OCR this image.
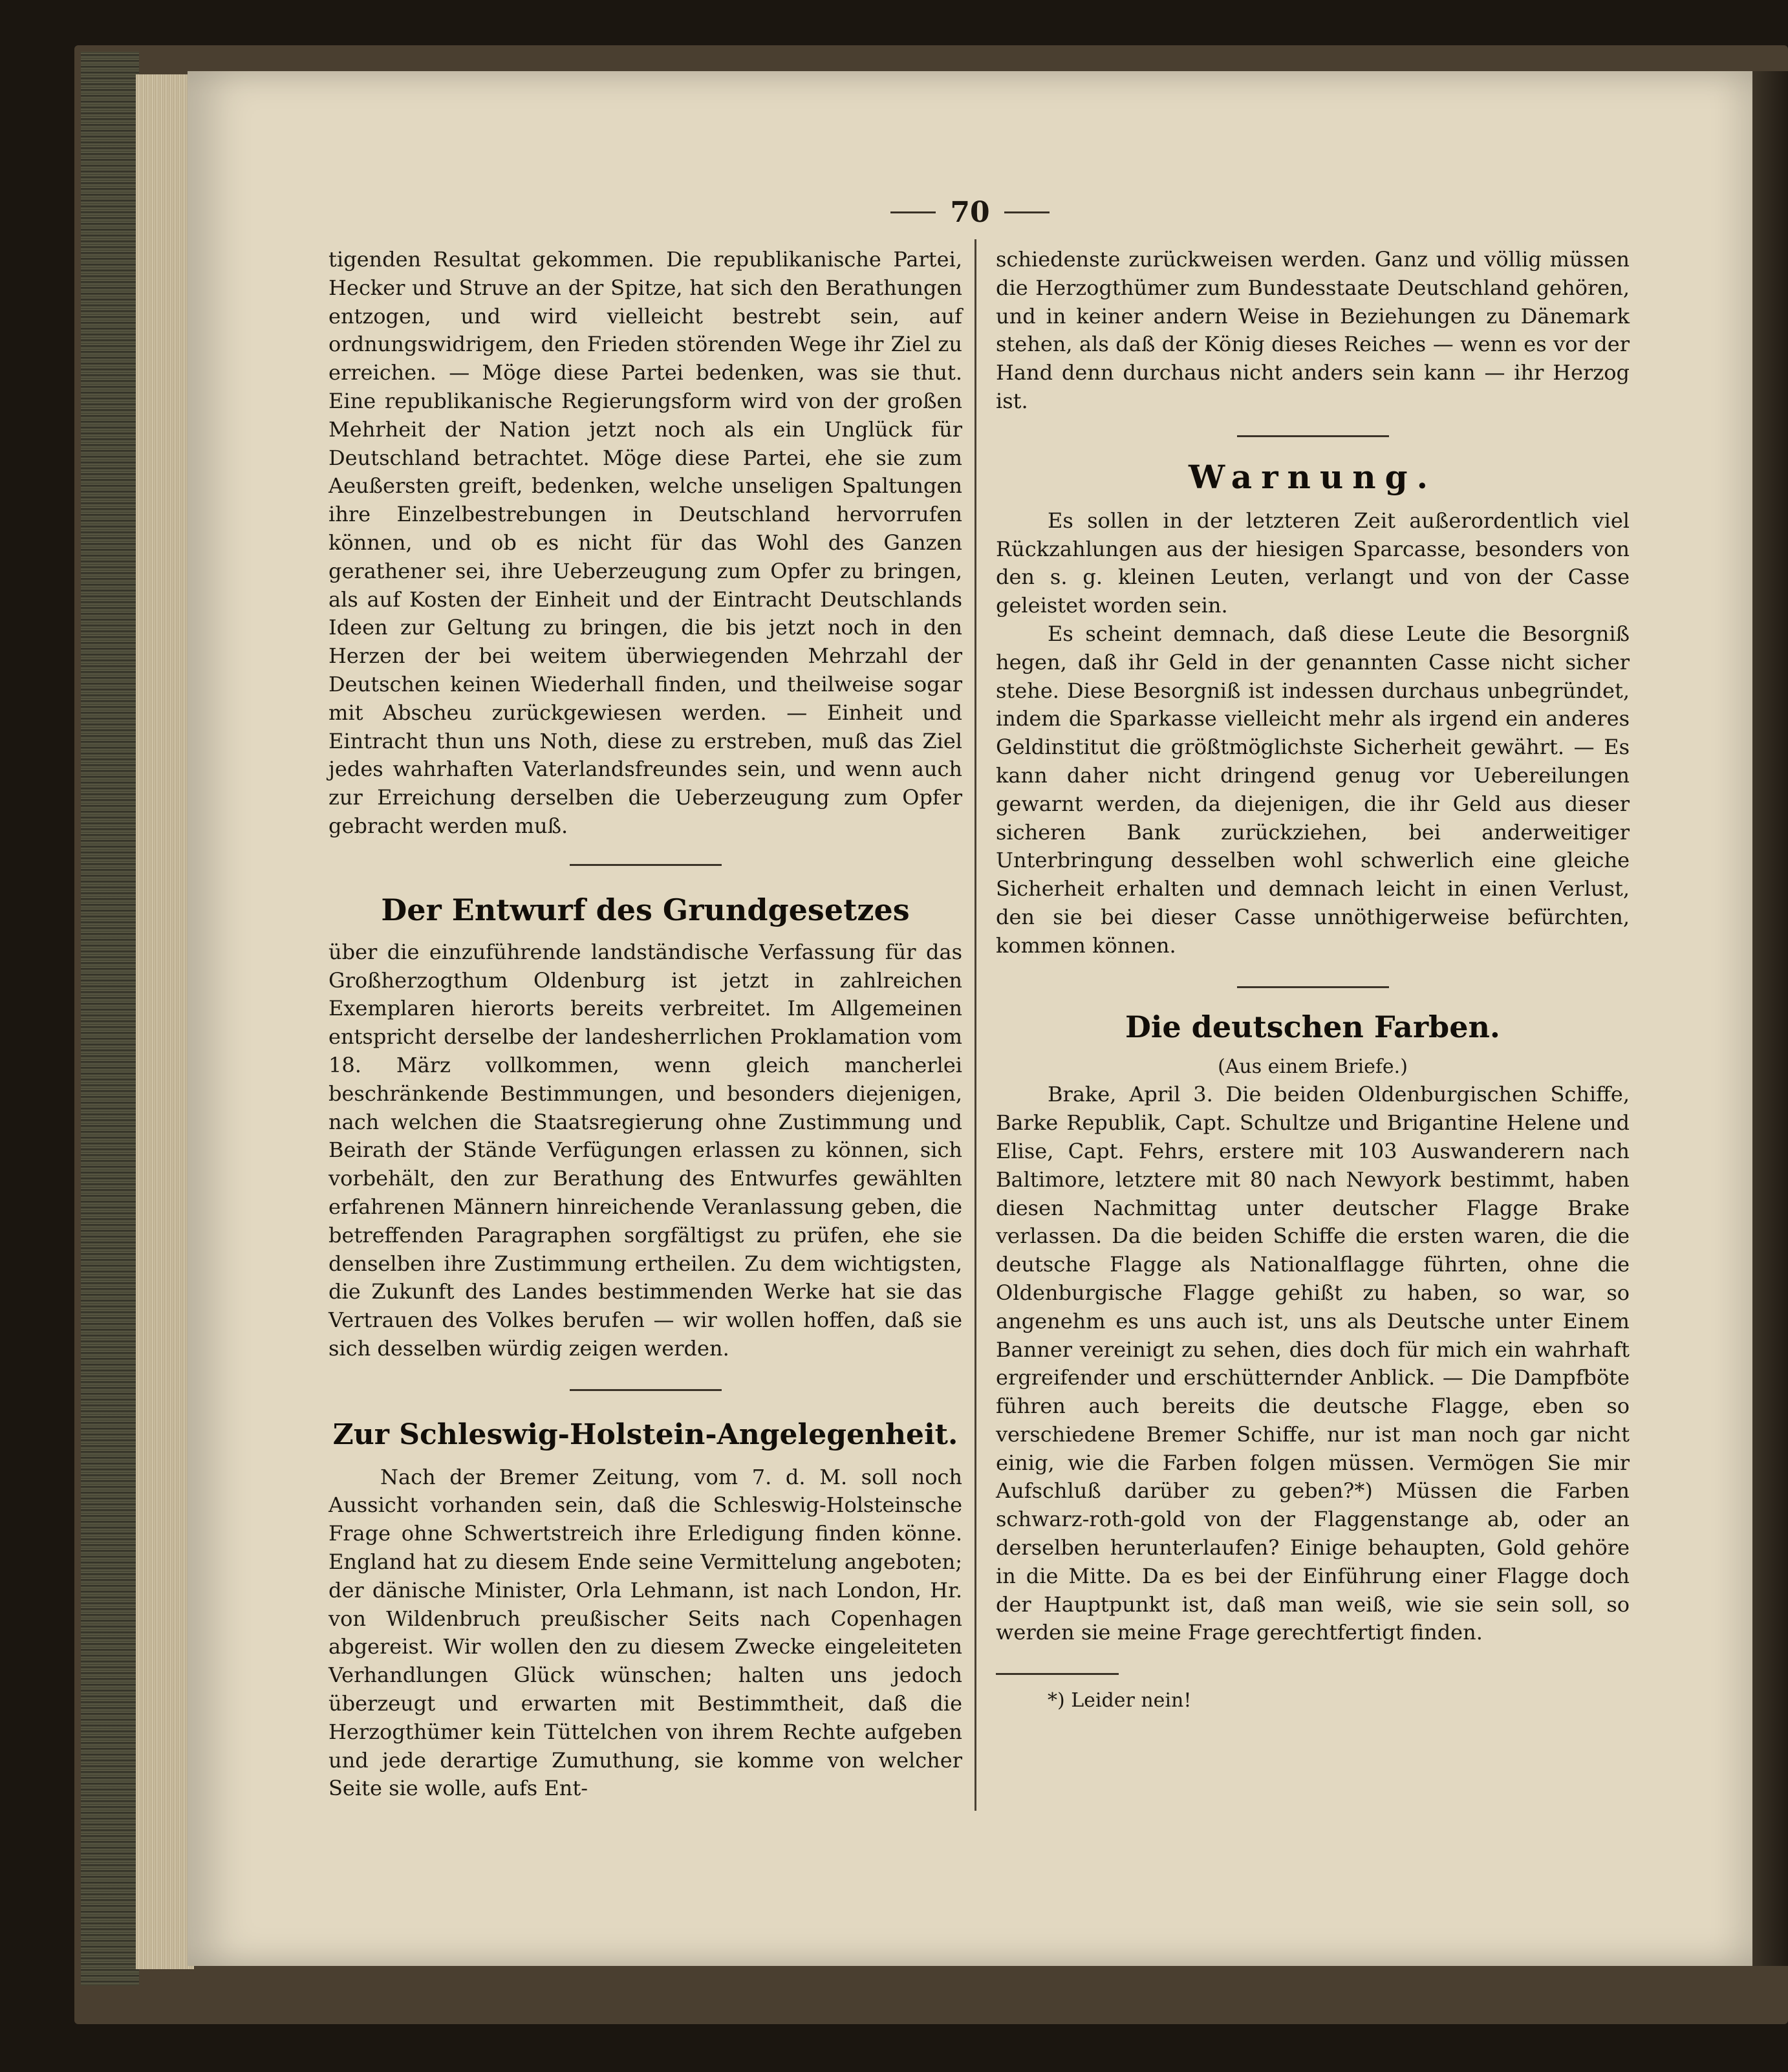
70

tigenden Resultat gekommen. Die republikanische Partei, Hecker und Struve an der Spitze, hat sich den Berathungen entzogen, und wird vielleicht bestrebt sein, auf ordnungswidrigem, den Frieden störenden Wege ihr Ziel zu erreichen. — Möge diese Partei bedenken, was sie thut. Eine republikanische Regierungsform wird von der großen Mehrheit der Nation jetzt noch als ein Unglück für Deutschland betrachtet. Möge diese Partei, ehe sie zum Aeußersten greift, bedenken, welche unseligen Spaltungen ihre Einzelbestrebungen in Deutschland hervorrufen können, und ob es nicht für das Wohl des Ganzen gerathener sei, ihre Ueberzeugung zum Opfer zu bringen, als auf Kosten der Einheit und der Eintracht Deutschlands Ideen zur Geltung zu bringen, die bis jetzt noch in den Herzen der bei weitem überwiegenden Mehrzahl der Deutschen keinen Wiederhall finden, und theilweise sogar mit Abscheu zurückgewiesen werden. — Einheit und Eintracht thun uns Noth, diese zu erstreben, muß das Ziel jedes wahrhaften Vaterlandsfreundes sein, und wenn auch zur Erreichung derselben die Ueberzeugung zum Opfer gebracht werden muß.

Der Entwurf des Grundgesetzes

über die einzuführende landständische Verfassung für das Großherzogthum Oldenburg ist jetzt in zahlreichen Exemplaren hierorts bereits verbreitet. Im Allgemeinen entspricht derselbe der landesherrlichen Proklamation vom 18. März vollkommen, wenn gleich mancherlei beschränkende Bestimmungen, und besonders diejenigen, nach welchen die Staatsregierung ohne Zustimmung und Beirath der Stände Verfügungen erlassen zu können, sich vorbehält, den zur Berathung des Entwurfes gewählten erfahrenen Männern hinreichende Veranlassung geben, die betreffenden Paragraphen sorgfältigst zu prüfen, ehe sie denselben ihre Zustimmung ertheilen. Zu dem wichtigsten, die Zukunft des Landes bestimmenden Werke hat sie das Vertrauen des Volkes berufen — wir wollen hoffen, daß sie sich desselben würdig zeigen werden.

Zur Schleswig-Holstein-Angelegenheit.

Nach der Bremer Zeitung, vom 7. d. M. soll noch Aussicht vorhanden sein, daß die Schleswig-Holsteinsche Frage ohne Schwertstreich ihre Erledigung finden könne. England hat zu diesem Ende seine Vermittelung angeboten; der dänische Minister, Orla Lehmann, ist nach London, Hr. von Wildenbruch preußischer Seits nach Copenhagen abgereist. Wir wollen den zu diesem Zwecke eingeleiteten Verhandlungen Glück wünschen; halten uns jedoch überzeugt und erwarten mit Bestimmtheit, daß die Herzogthümer kein Tüttelchen von ihrem Rechte aufgeben und jede derartige Zumuthung, sie komme von welcher Seite sie wolle, aufs Ent-

schiedenste zurückweisen werden. Ganz und völlig müssen die Herzogthümer zum Bundesstaate Deutschland gehören, und in keiner andern Weise in Beziehungen zu Dänemark stehen, als daß der König dieses Reiches — wenn es vor der Hand denn durchaus nicht anders sein kann — ihr Herzog ist.

Warnung.

Es sollen in der letzteren Zeit außerordentlich viel Rückzahlungen aus der hiesigen Sparcasse, besonders von den s. g. kleinen Leuten, verlangt und von der Casse geleistet worden sein.

Es scheint demnach, daß diese Leute die Besorgniß hegen, daß ihr Geld in der genannten Casse nicht sicher stehe. Diese Besorgniß ist indessen durchaus unbegründet, indem die Sparkasse vielleicht mehr als irgend ein anderes Geldinstitut die größtmöglichste Sicherheit gewährt. — Es kann daher nicht dringend genug vor Uebereilungen gewarnt werden, da diejenigen, die ihr Geld aus dieser sicheren Bank zurückziehen, bei anderweitiger Unterbringung desselben wohl schwerlich eine gleiche Sicherheit erhalten und demnach leicht in einen Verlust, den sie bei dieser Casse unnöthigerweise befürchten, kommen können.

Die deutschen Farben.

(Aus einem Briefe.)

Brake, April 3. Die beiden Oldenburgischen Schiffe, Barke Republik, Capt. Schultze und Brigantine Helene und Elise, Capt. Fehrs, erstere mit 103 Auswanderern nach Baltimore, letztere mit 80 nach Newyork bestimmt, haben diesen Nachmittag unter deutscher Flagge Brake verlassen. Da die beiden Schiffe die ersten waren, die die deutsche Flagge als Nationalflagge führten, ohne die Oldenburgische Flagge gehißt zu haben, so war, so angenehm es uns auch ist, uns als Deutsche unter Einem Banner vereinigt zu sehen, dies doch für mich ein wahrhaft ergreifender und erschütternder Anblick. — Die Dampfböte führen auch bereits die deutsche Flagge, eben so verschiedene Bremer Schiffe, nur ist man noch gar nicht einig, wie die Farben folgen müssen. Vermögen Sie mir Aufschluß darüber zu geben?*) Müssen die Farben schwarz-roth-gold von der Flaggenstange ab, oder an derselben herunterlaufen? Einige behaupten, Gold gehöre in die Mitte. Da es bei der Einführung einer Flagge doch der Hauptpunkt ist, daß man weiß, wie sie sein soll, so werden sie meine Frage gerechtfertigt finden.

*) Leider nein!
